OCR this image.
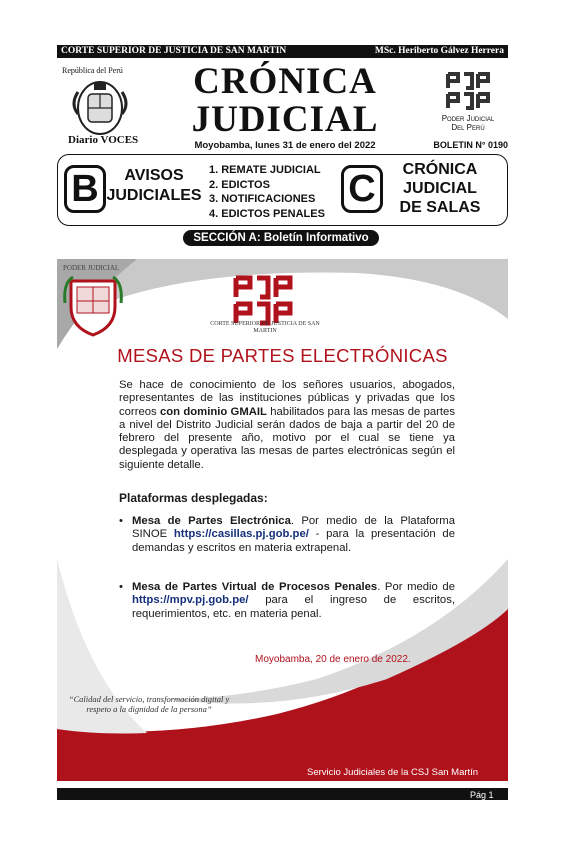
CORTE SUPERIOR DE JUSTICIA DE SAN MARTIN	MSc. Heriberto Gálvez Herrera
República del Perú
Diario VOCES
CRÓNICA
JUDICIAL
Moyobamba, lunes 31 de enero del 2022
Poder Judicial
Del Perú
BOLETIN N° 0190
B	AVISOS
JUDICIALES
1. REMATE JUDICIAL
2. EDICTOS
3. NOTIFICACIONES
4. EDICTOS PENALES
C	CRÓNICA
JUDICIAL
DE SALAS
SECCIÓN A: Boletín Informativo
PODER JUDICIAL
CORTE SUPERIOR DE JUSTICIA DE SAN MARTIN
MESAS DE PARTES ELECTRÓNICAS
Se hace de conocimiento de los señores usuarios, abogados, representantes de las instituciones públicas y privadas que los correos con dominio GMAIL habilitados para las mesas de partes a nivel del Distrito Judicial serán dados de baja a partir del 20 de febrero del presente año, motivo por el cual se tiene ya desplegada y operativa las mesas de partes electrónicas según el siguiente detalle.
Plataformas desplegadas:
• Mesa de Partes Electrónica. Por medio de la Plataforma SINOE https://casillas.pj.gob.pe/ - para la presentación de demandas y escritos en materia extrapenal.
• Mesa de Partes Virtual de Procesos Penales. Por medio de https://mpv.pj.gob.pe/ para el ingreso de escritos, requerimientos, etc. en materia penal.
Moyobamba, 20 de enero de 2022.
“Calidad del servicio, transformación digital y respeto a la dignidad de la persona”
Servicio Judiciales de la CSJ San Martín
Pág 1
